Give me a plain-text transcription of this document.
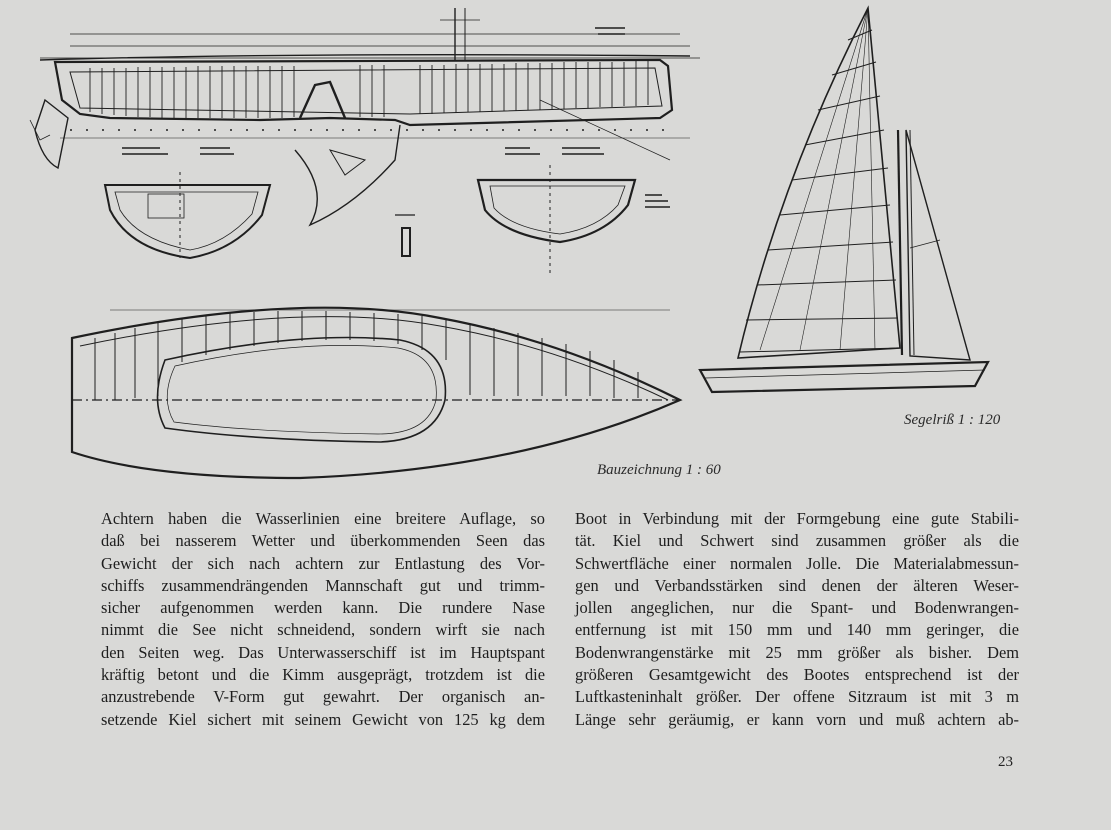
Segelriß 1 : 120
Bauzeichnung 1 : 60
Achtern haben die Wasserlinien eine breitere Auflage, so
daß bei nasserem Wetter und überkommenden Seen das
Gewicht der sich nach achtern zur Entlastung des Vor-
schiffs zusammendrängenden Mannschaft gut und trimm-
sicher aufgenommen werden kann. Die rundere Nase
nimmt die See nicht schneidend, sondern wirft sie nach
den Seiten weg. Das Unterwasserschiff ist im Hauptspant
kräftig betont und die Kimm ausgeprägt, trotzdem ist die
anzustrebende V-Form gut gewahrt. Der organisch an-
setzende Kiel sichert mit seinem Gewicht von 125 kg dem
Boot in Verbindung mit der Formgebung eine gute Stabili-
tät. Kiel und Schwert sind zusammen größer als die
Schwertfläche einer normalen Jolle. Die Materialabmessun-
gen und Verbandsstärken sind denen der älteren Weser-
jollen angeglichen, nur die Spant- und Bodenwrangen-
entfernung ist mit 150 mm und 140 mm geringer, die
Bodenwrangenstärke mit 25 mm größer als bisher. Dem
größeren Gesamtgewicht des Bootes entsprechend ist der
Luftkasteninhalt größer. Der offene Sitzraum ist mit 3 m
Länge sehr geräumig, er kann vorn und muß achtern ab-
23
